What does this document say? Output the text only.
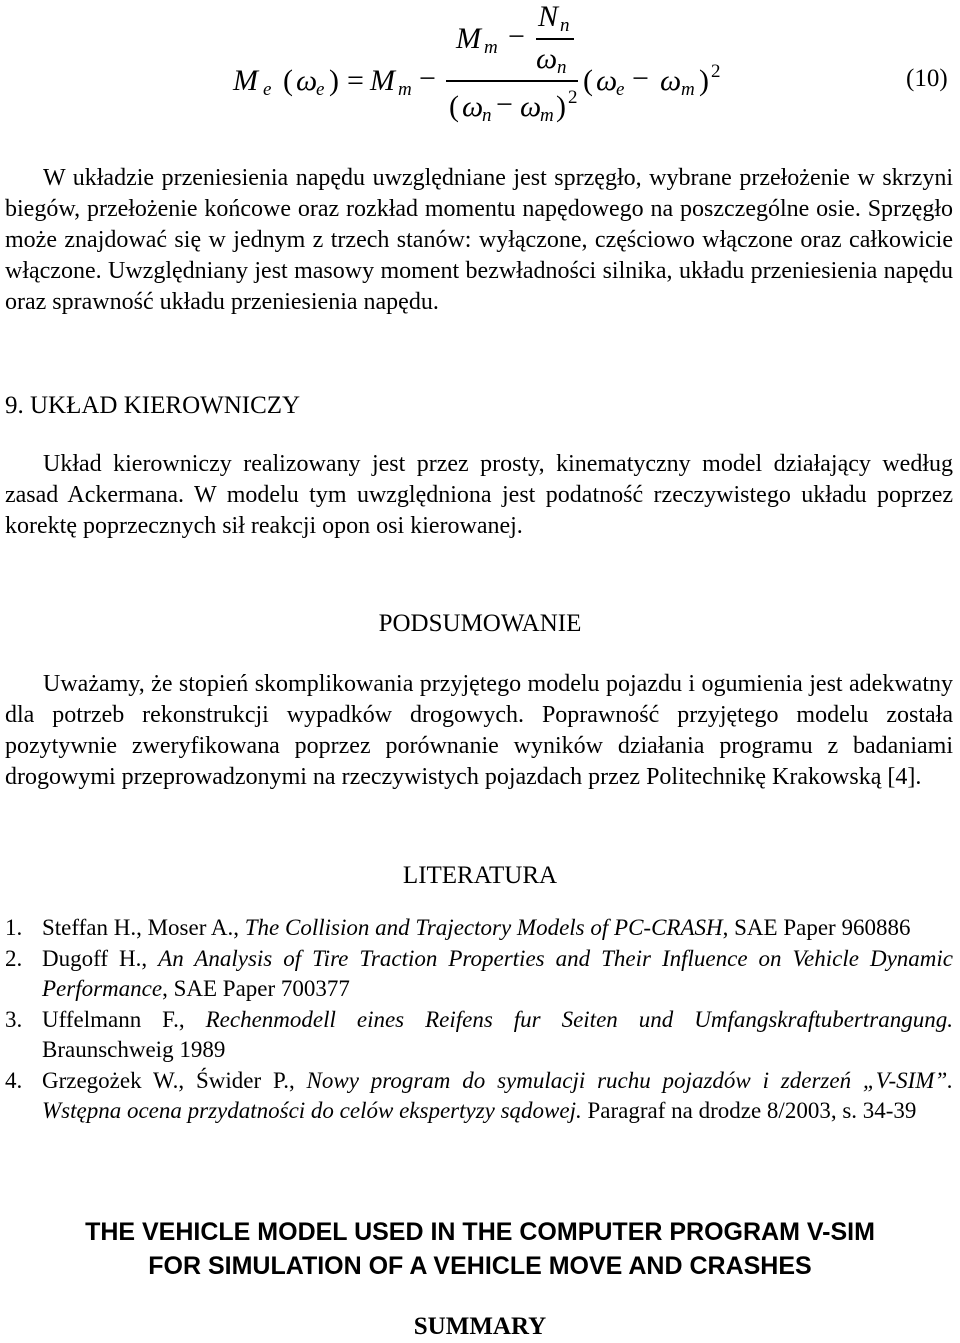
M m −
N n
ω n
M e ( ω
e ) = M m −
( ω
n − ω
m ) 2
( ω
e − ω m ) 2	(10)

W układzie przeniesienia napędu uwzględniane jest sprzęgło, wybrane przełożenie w skrzyni biegów, przełożenie końcowe oraz rozkład momentu napędowego na poszczególne osie. Sprzęgło może znajdować się w jednym z trzech stanów: wyłączone, częściowo włączone oraz całkowicie włączone. Uwzględniany jest masowy moment bezwładności silnika, układu przeniesienia napędu oraz sprawność układu przeniesienia napędu.

9. UKŁAD KIEROWNICZY

Układ kierowniczy realizowany jest przez prosty, kinematyczny model działający według zasad Ackermana. W modelu tym uwzględniona jest podatność rzeczywistego układu poprzez korektę poprzecznych sił reakcji opon osi kierowanej.

PODSUMOWANIE

Uważamy, że stopień skomplikowania przyjętego modelu pojazdu i ogumienia jest adekwatny dla potrzeb rekonstrukcji wypadków drogowych. Poprawność przyjętego modelu została pozytywnie zweryfikowana poprzez porównanie wyników działania programu z badaniami drogowymi przeprowadzonymi na rzeczywistych pojazdach przez Politechnikę Krakowską [4].

LITERATURA
1. Steffan H., Moser A., The Collision and Trajectory Models of PC-CRASH, SAE Paper 960886
2. Dugoff H., An Analysis of Tire Traction Properties and Their Influence on Vehicle Dynamic Performance, SAE Paper 700377
3. Uffelmann F., Rechenmodell eines Reifens fur Seiten und Umfangskraftubertrangung. Braunschweig 1989
4. Grzegożek W., Świder P., Nowy program do symulacji ruchu pojazdów i zderzeń „V-SIM”. Wstępna ocena przydatności do celów ekspertyzy sądowej. Paragraf na drodze 8/2003, s. 34-39
THE VEHICLE MODEL USED IN THE COMPUTER PROGRAM V-SIM
FOR SIMULATION OF A VEHICLE MOVE AND CRASHES
SUMMARY
